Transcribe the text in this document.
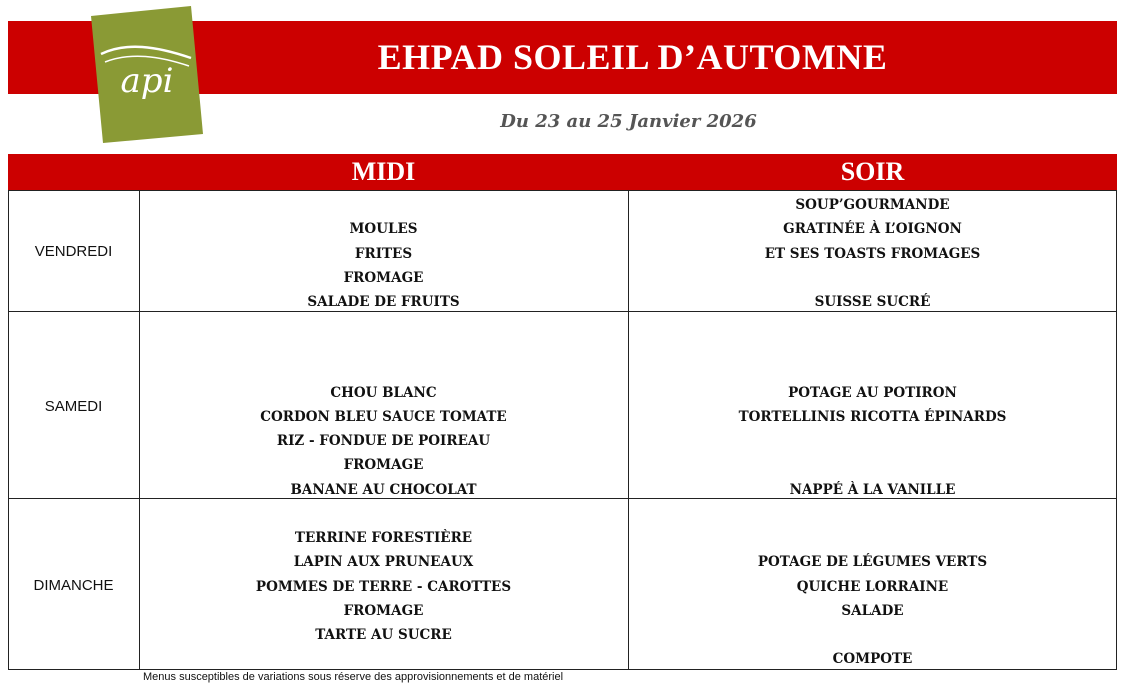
EHPAD SOLEIL D’AUTOMNE
api
Du 23 au 25 Janvier 2026
MIDI	SOIR
VENDREDI
MOULES
FRITES
FROMAGE
SALADE DE FRUITS
SOUP’GOURMANDE
GRATINÉE À L’OIGNON
ET SES TOASTS FROMAGES
SUISSE SUCRÉ
SAMEDI
CHOU BLANC
CORDON BLEU SAUCE TOMATE
RIZ - FONDUE DE POIREAU
FROMAGE
BANANE AU CHOCOLAT
POTAGE AU POTIRON
TORTELLINIS RICOTTA ÉPINARDS
NAPPÉ À LA VANILLE
DIMANCHE
TERRINE FORESTIÈRE
LAPIN AUX PRUNEAUX
POMMES DE TERRE - CAROTTES
FROMAGE
TARTE AU SUCRE
POTAGE DE LÉGUMES VERTS
QUICHE LORRAINE
SALADE
COMPOTE
Menus susceptibles de variations sous réserve des approvisionnements et de matériel
